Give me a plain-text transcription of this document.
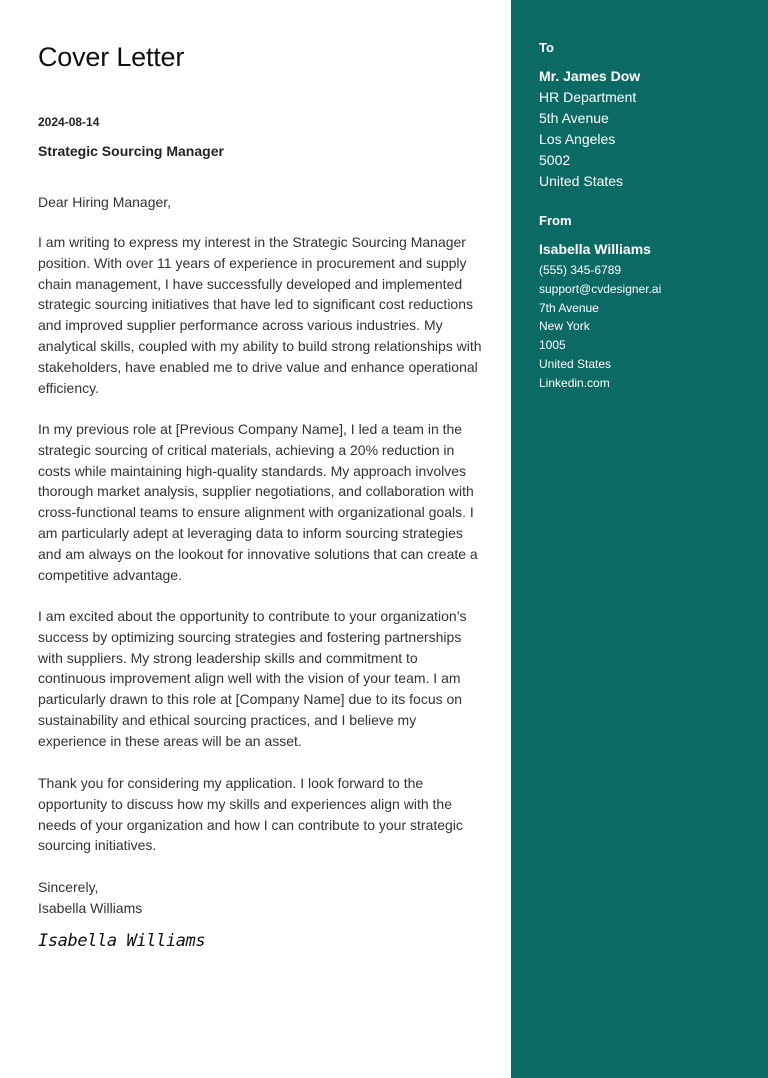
Cover Letter
2024-08-14
Strategic Sourcing Manager
Dear Hiring Manager,

I am writing to express my interest in the Strategic Sourcing Manager position. With over 11 years of experience in procurement and supply chain management, I have successfully developed and implemented strategic sourcing initiatives that have led to significant cost reductions and improved supplier performance across various industries. My analytical skills, coupled with my ability to build strong relationships with stakeholders, have enabled me to drive value and enhance operational efficiency.

In my previous role at [Previous Company Name], I led a team in the strategic sourcing of critical materials, achieving a 20% reduction in costs while maintaining high-quality standards. My approach involves thorough market analysis, supplier negotiations, and collaboration with cross-functional teams to ensure alignment with organizational goals. I am particularly adept at leveraging data to inform sourcing strategies and am always on the lookout for innovative solutions that can create a competitive advantage.

I am excited about the opportunity to contribute to your organization’s success by optimizing sourcing strategies and fostering partnerships with suppliers. My strong leadership skills and commitment to continuous improvement align well with the vision of your team. I am particularly drawn to this role at [Company Name] due to its focus on sustainability and ethical sourcing practices, and I believe my experience in these areas will be an asset.

Thank you for considering my application. I look forward to the opportunity to discuss how my skills and experiences align with the needs of your organization and how I can contribute to your strategic sourcing initiatives.

Sincerely,
Isabella Williams
Isabella Williams
To
Mr. James Dow
HR Department
5th Avenue
Los Angeles
5002
United States
From
Isabella Williams
(555) 345-6789
support@cvdesigner.ai
7th Avenue
New York
1005
United States
Linkedin.com
